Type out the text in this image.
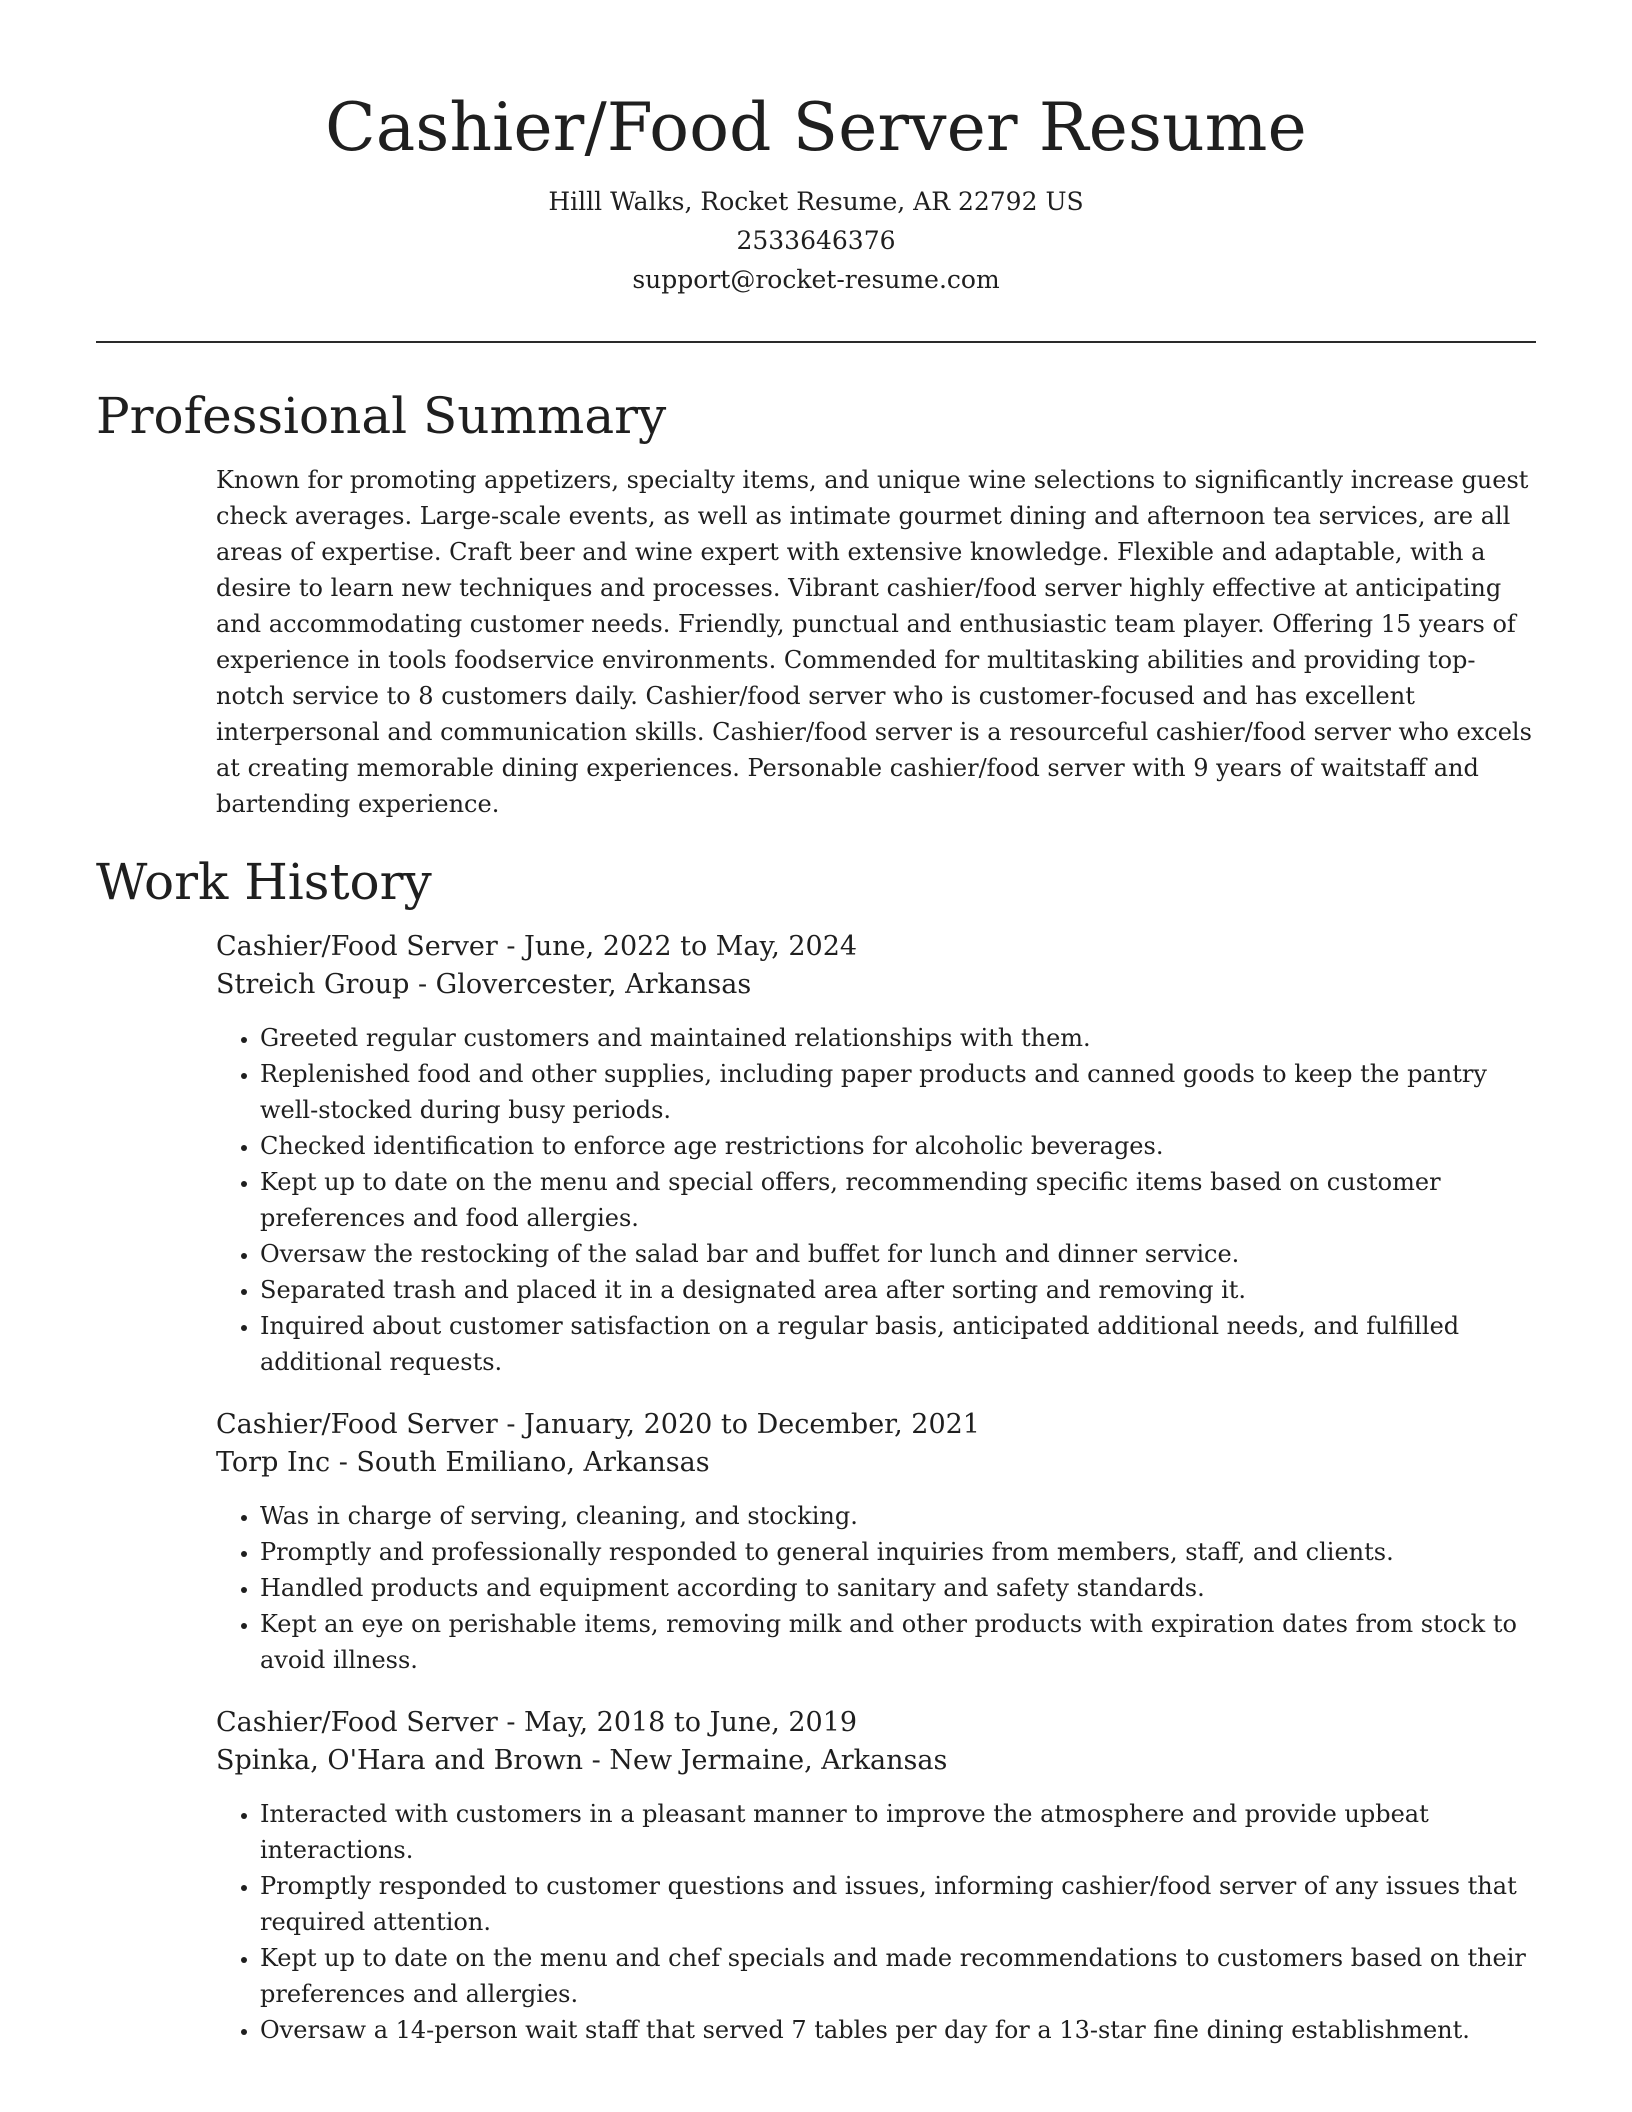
Cashier/Food Server Resume

Hilll Walks, Rocket Resume, AR 22792 US

2533646376

support@rocket-resume.com

Professional Summary

Known for promoting appetizers, specialty items, and unique wine selections to significantly increase guest check averages. Large-scale events, as well as intimate gourmet dining and afternoon tea services, are all areas of expertise. Craft beer and wine expert with extensive knowledge. Flexible and adaptable, with a desire to learn new techniques and processes. Vibrant cashier/food server highly effective at anticipating and accommodating customer needs. Friendly, punctual and enthusiastic team player. Offering 15 years of experience in tools foodservice environments. Commended for multitasking abilities and providing top-notch service to 8 customers daily. Cashier/food server who is customer-focused and has excellent interpersonal and communication skills. Cashier/food server is a resourceful cashier/food server who excels at creating memorable dining experiences. Personable cashier/food server with 9 years of waitstaff and bartending experience.

Work History

Cashier/Food Server - June, 2022 to May, 2024

Streich Group - Glovercester, Arkansas

• Greeted regular customers and maintained relationships with them.
• Replenished food and other supplies, including paper products and canned goods to keep the pantry well-stocked during busy periods.
• Checked identification to enforce age restrictions for alcoholic beverages.
• Kept up to date on the menu and special offers, recommending specific items based on customer preferences and food allergies.
• Oversaw the restocking of the salad bar and buffet for lunch and dinner service.
• Separated trash and placed it in a designated area after sorting and removing it.
• Inquired about customer satisfaction on a regular basis, anticipated additional needs, and fulfilled additional requests.

Cashier/Food Server - January, 2020 to December, 2021

Torp Inc - South Emiliano, Arkansas

• Was in charge of serving, cleaning, and stocking.
• Promptly and professionally responded to general inquiries from members, staff, and clients.
• Handled products and equipment according to sanitary and safety standards.
• Kept an eye on perishable items, removing milk and other products with expiration dates from stock to avoid illness.

Cashier/Food Server - May, 2018 to June, 2019

Spinka, O'Hara and Brown - New Jermaine, Arkansas

• Interacted with customers in a pleasant manner to improve the atmosphere and provide upbeat interactions.
• Promptly responded to customer questions and issues, informing cashier/food server of any issues that required attention.
• Kept up to date on the menu and chef specials and made recommendations to customers based on their preferences and allergies.
• Oversaw a 14-person wait staff that served 7 tables per day for a 13-star fine dining establishment.
